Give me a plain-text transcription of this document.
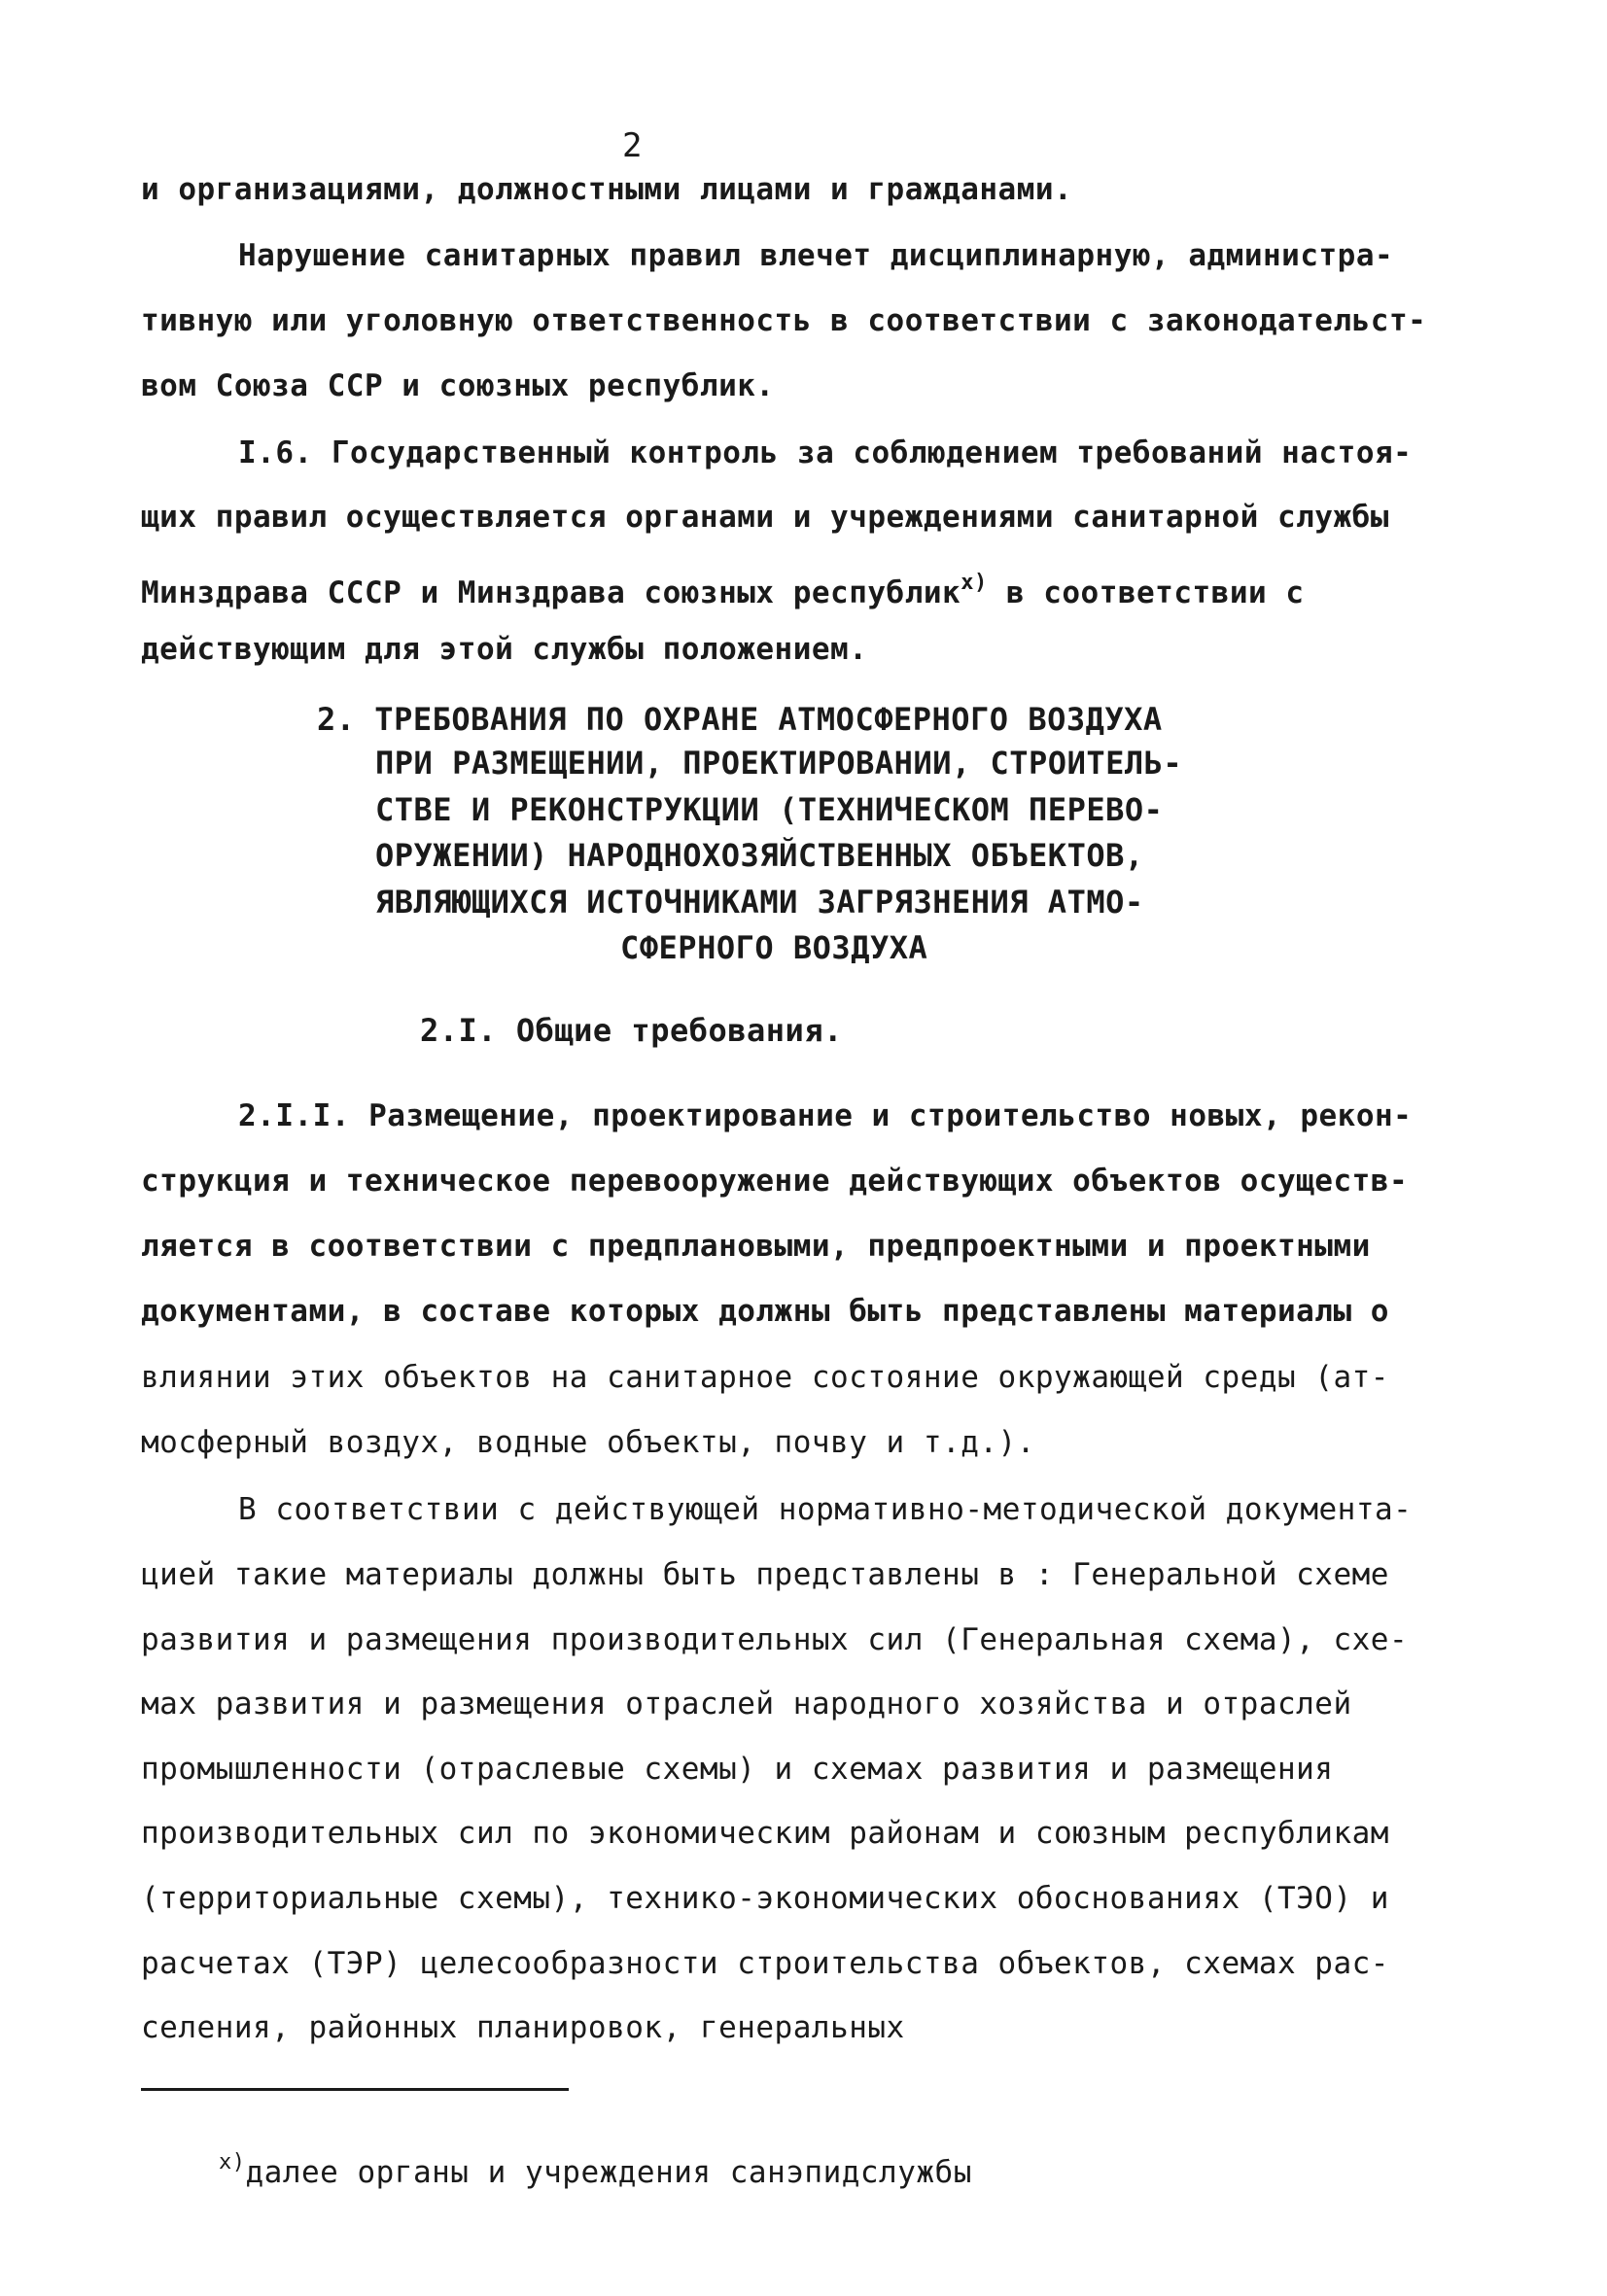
2
и организациями, должностными лицами и гражданами.
Нарушение санитарных правил влечет дисциплинарную, администра-
тивную или уголовную ответственность в соответствии с законодательст-
вом Союза ССР и союзных республик.
I.6. Государственный контроль за соблюдением требований настоя-
щих правил осуществляется органами и учреждениями санитарной службы
Минздрава СССР и Минздрава союзных республик$^{x)}$ в соответствии с
действующим для этой службы положением.
2. ТРЕБОВАНИЯ ПО ОХРАНЕ АТМОСФЕРНОГО ВОЗДУХА
ПРИ РАЗМЕЩЕНИИ, ПРОЕКТИРОВАНИИ, СТРОИТЕЛЬ-
СТВЕ И РЕКОНСТРУКЦИИ (ТЕХНИЧЕСКОМ ПЕРЕВО-
ОРУЖЕНИИ) НАРОДНОХОЗЯЙСТВЕННЫХ ОБЪЕКТОВ,
ЯВЛЯЮЩИХСЯ ИСТОЧНИКАМИ ЗАГРЯЗНЕНИЯ АТМО-
СФЕРНОГО ВОЗДУХА
2.I. Общие требования.
2.I.I. Размещение, проектирование и строительство новых, рекон-
струкция и техническое перевооружение действующих объектов осуществ-
ляется в соответствии с предплановыми, предпроектными и проектными
документами, в составе которых должны быть представлены материалы о
влиянии этих объектов на санитарное состояние окружающей среды (ат-
мосферный воздух, водные объекты, почву и т.д.).
В соответствии с действующей нормативно-методической документа-
цией такие материалы должны быть представлены в : Генеральной схеме
развития и размещения производительных сил (Генеральная схема), схе-
мах развития и размещения отраслей народного хозяйства и отраслей
промышленности (отраслевые схемы) и схемах развития и размещения
производительных сил по экономическим районам и союзным республикам
(территориальные схемы), технико-экономических обоснованиях (ТЭО) и
расчетах (ТЭР) целесообразности строительства объектов, схемах рас-
селения, районных планировок, генеральных
$^{x)}$далее органы и учреждения санэпидслужбы
